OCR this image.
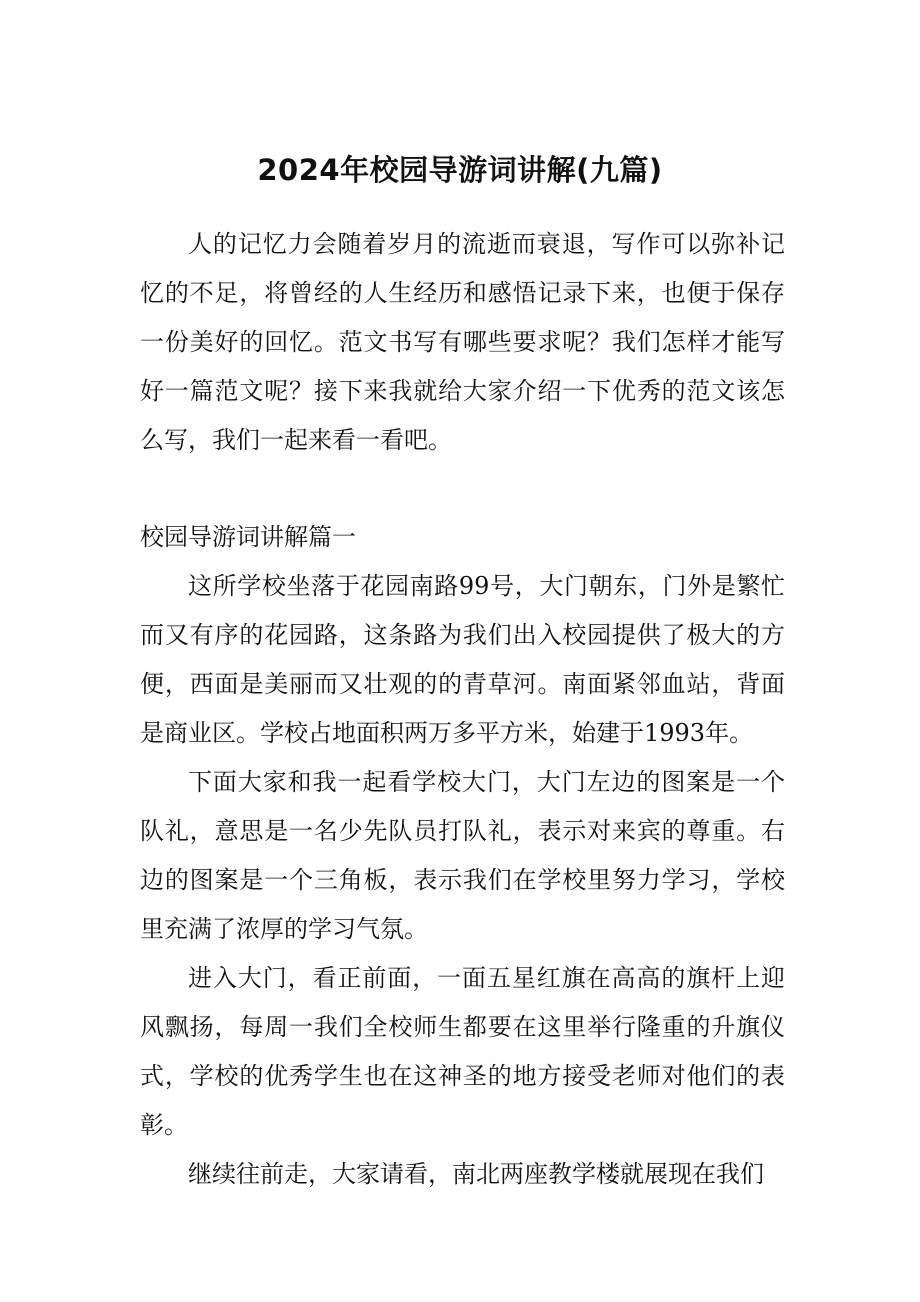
2024年校园导游词讲解(九篇)

人的记忆力会随着岁月的流逝而衰退，写作可以弥补记忆的不足，将曾经的人生经历和感悟记录下来，也便于保存一份美好的回忆。范文书写有哪些要求呢？我们怎样才能写好一篇范文呢？接下来我就给大家介绍一下优秀的范文该怎么写，我们一起来看一看吧。

校园导游词讲解篇一

这所学校坐落于花园南路99号，大门朝东，门外是繁忙而又有序的花园路，这条路为我们出入校园提供了极大的方便，西面是美丽而又壮观的的青草河。南面紧邻血站，背面是商业区。学校占地面积两万多平方米，始建于1993年。

下面大家和我一起看学校大门，大门左边的图案是一个队礼，意思是一名少先队员打队礼，表示对来宾的尊重。右边的图案是一个三角板，表示我们在学校里努力学习，学校里充满了浓厚的学习气氛。

进入大门，看正前面，一面五星红旗在高高的旗杆上迎风飘扬，每周一我们全校师生都要在这里举行隆重的升旗仪式，学校的优秀学生也在这神圣的地方接受老师对他们的表彰。

继续往前走，大家请看，南北两座教学楼就展现在我们
